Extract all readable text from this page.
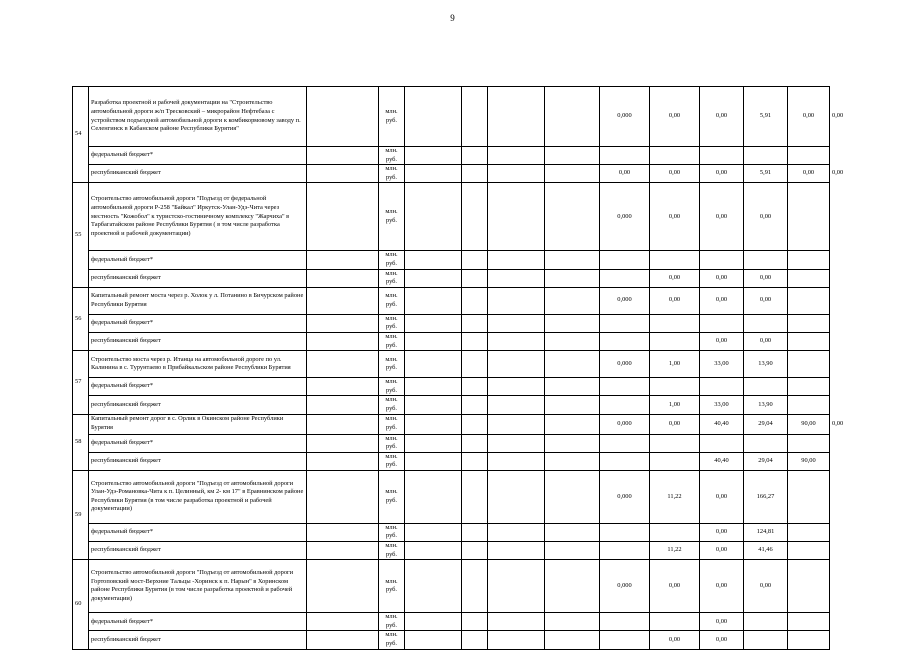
9
54	Разработка проектной и рабочей документации на "Строительство автомобильной дороги ж/п Тресковский – микрорайон Нефтебаза с устройством подъездной автомобильной дороги к комбикормовому заводу п. Селенгинск в Кабанском районе Республики Бурятия"		млн. руб.					0,000	0,00	0,00	5,91	0,00	0,00
	федеральный бюджет*		млн. руб.										
	республиканский бюджет		млн. руб.					0,00	0,00	0,00	5,91	0,00	0,00
55	Строительство автомобильной дороги "Подъезд от федеральной автомобильной дороги Р-258 "Байкал" Иркутск-Улан-Удэ-Чита через местность "Кожобол" к туристско-гостиничному комплексу "Жарчиха" в Тарбагатайском районе Республики Бурятия ( в том числе разработка проектной и рабочей документации)		млн. руб.					0,000	0,00	0,00	0,00		
	федеральный бюджет*		млн. руб.										
	республиканский бюджет		млн. руб.						0,00	0,00	0,00		
56	Капитальный ремонт моста через р. Холок у л. Потанино в Бичурском районе Республики Бурятия		млн. руб.					0,000	0,00	0,00	0,00		
	федеральный бюджет*		млн. руб.										
	республиканский бюджет		млн. руб.							0,00	0,00		
57	Строительство моста через р. Итанца на автомобильной дороге по ул. Калинина в с. Турунтаево в Прибайкальском районе Республики Бурятия		млн. руб.					0,000	1,00	33,00	13,90		
	федеральный бюджет*		млн. руб.										
	республиканский бюджет		млн. руб.						1,00	33,00	13,90		
58	Капитальный ремонт дорог в с. Орлик в Окинском районе Республики Бурятия		млн. руб.					0,000	0,00	40,40	29,04	90,00	0,00
	федеральный бюджет*		млн. руб.										
	республиканский бюджет		млн. руб.							40,40	29,04	90,00	
59	Строительство автомобильной дороги "Подъезд от автомобильной дороги Улан-Удэ-Романовка-Чита к п. Целинный, км 2- км 17" в Еравнинском районе Республики Бурятия (в том числе разработка проектной и рабочей документации)		млн. руб.					0,000	11,22	0,00	166,27		
	федеральный бюджет*		млн. руб.							0,00	124,81		
	республиканский бюджет		млн. руб.						11,22	0,00	41,46		
60	Строительство автомобильной дороги "Подъезд от автомобильной дороги Гортоповский мост-Верхние Тальцы -Хоринск к п. Нарын" в Хоринском районе Республики Бурятия (в том числе разработка проектной и рабочей документации)		млн. руб.					0,000	0,00	0,00	0,00		
	федеральный бюджет*		млн. руб.							0,00			
	республиканский бюджет		млн. руб.						0,00	0,00			
